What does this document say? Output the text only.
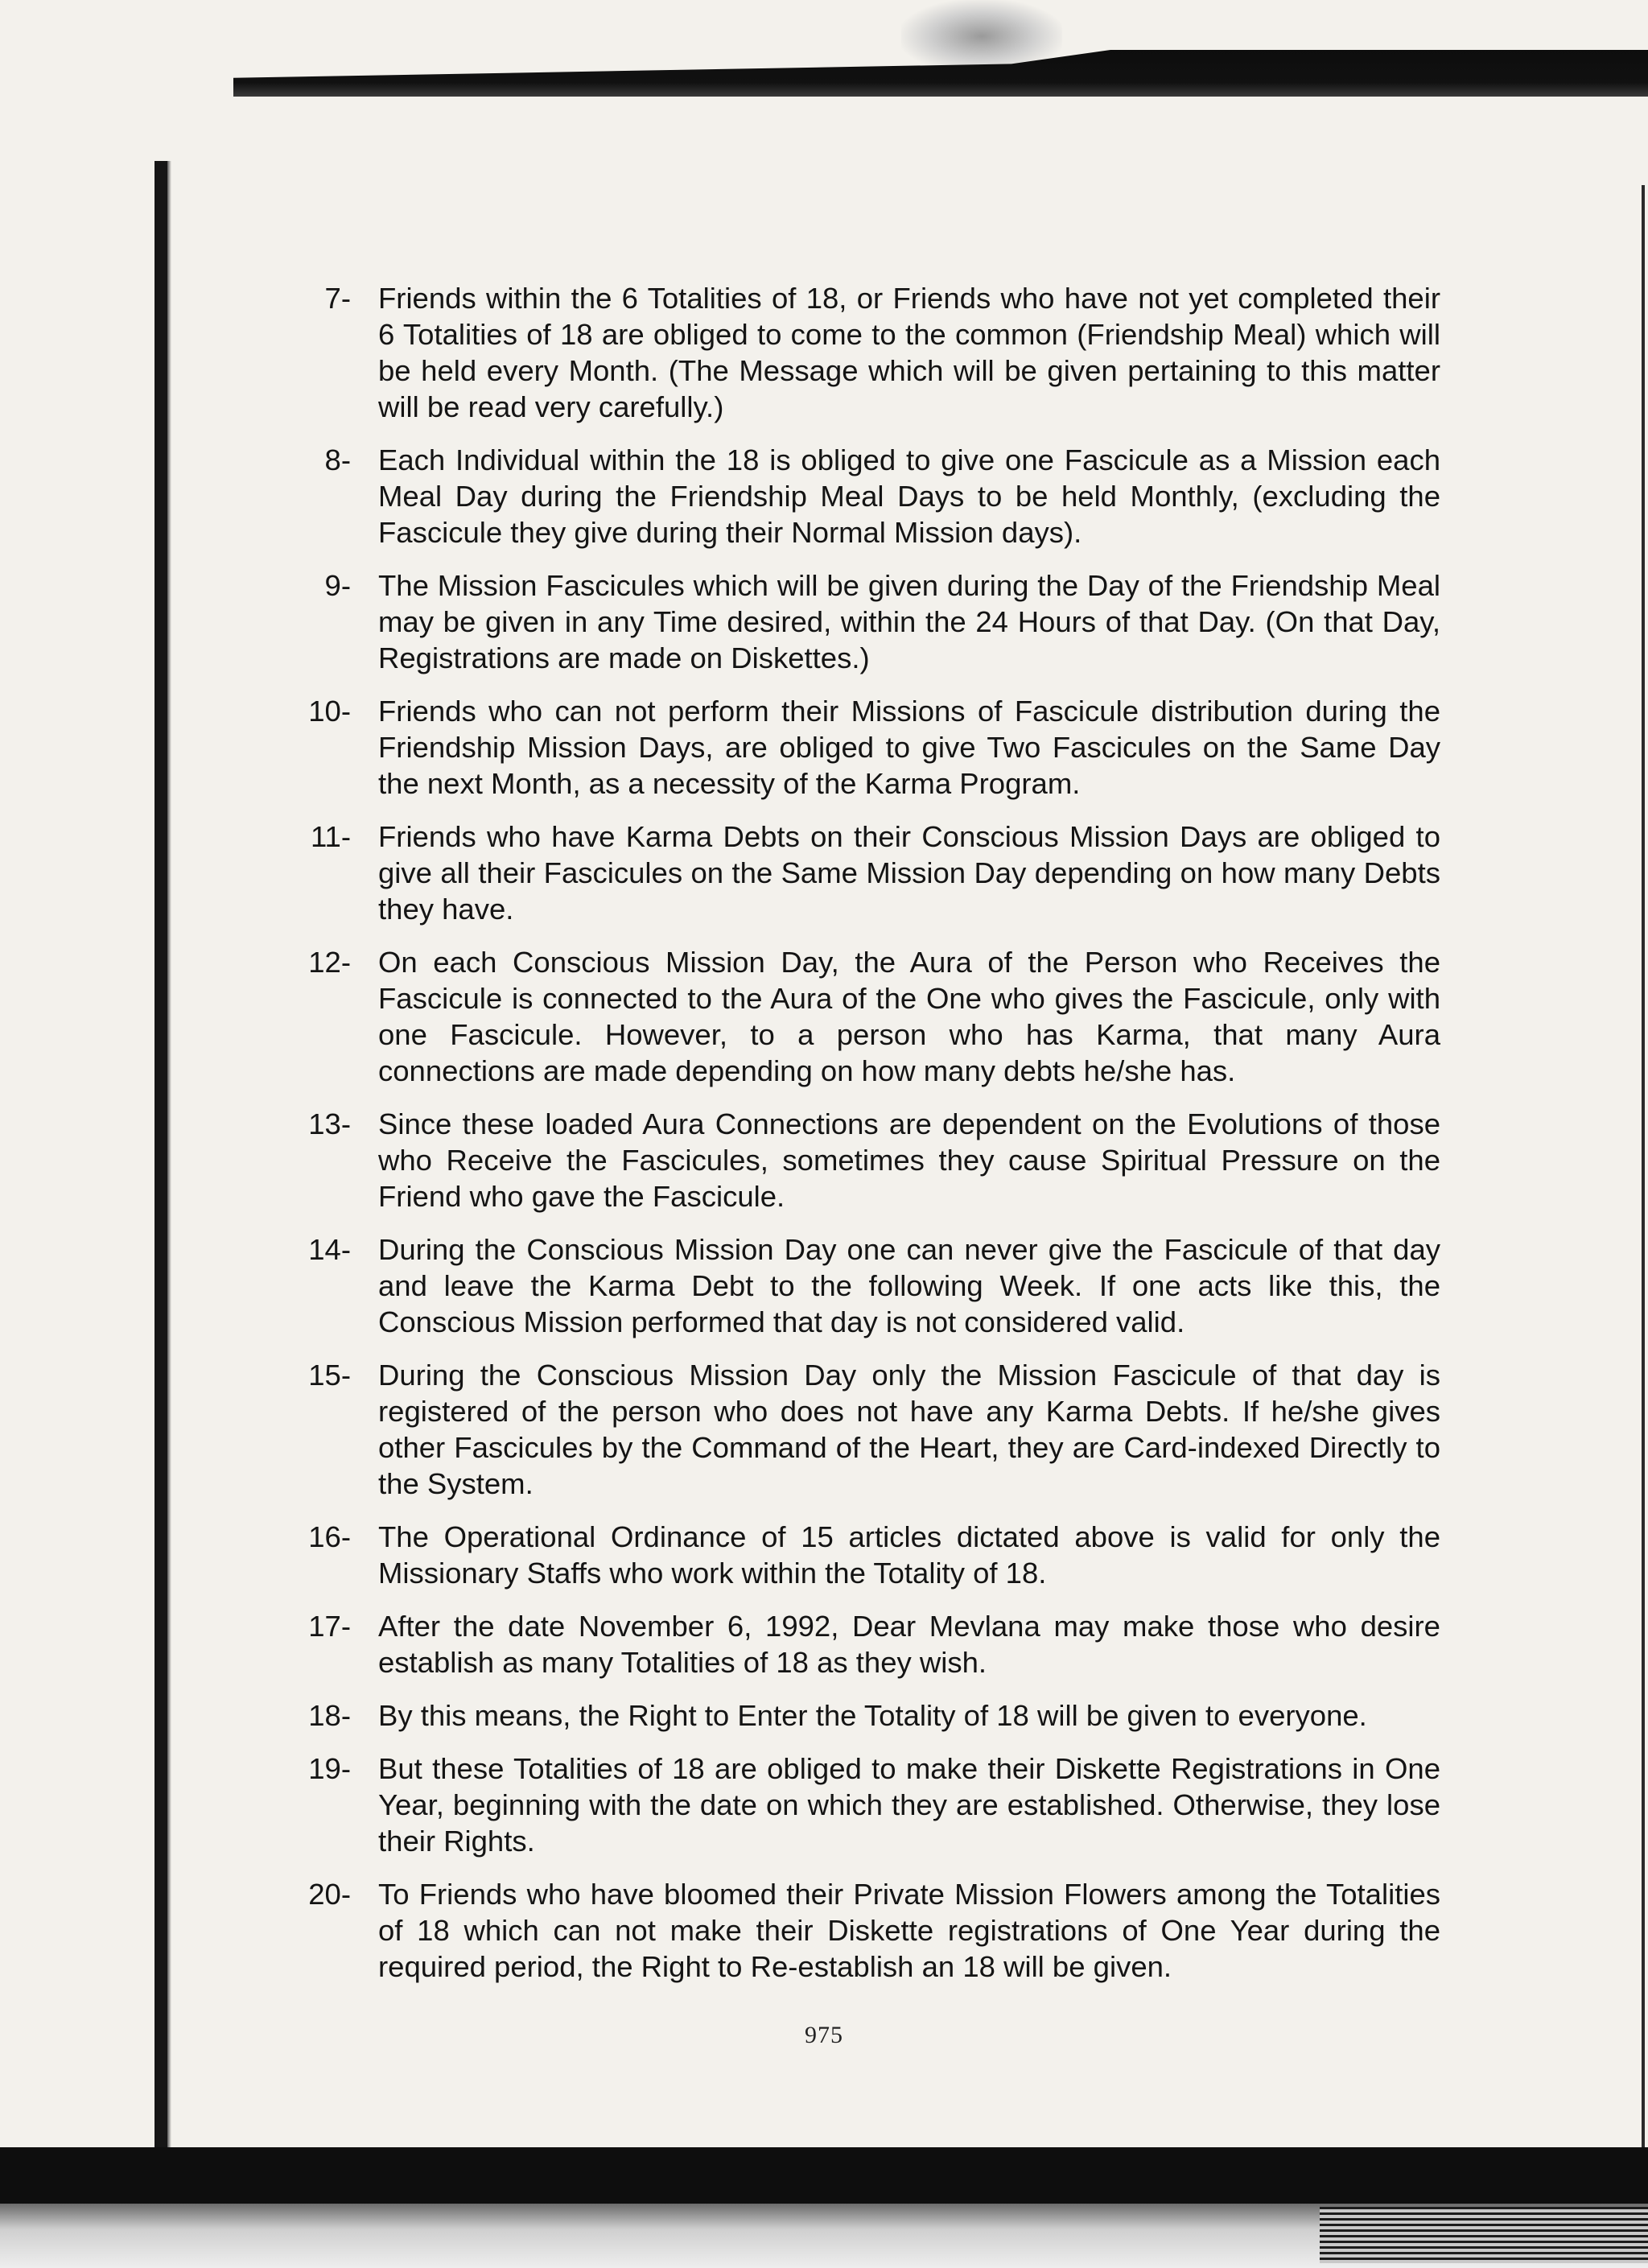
7- Friends within the 6 Totalities of 18, or Friends who have not yet completed their 6 Totalities of 18 are obliged to come to the common (Friendship Meal) which will be held every Month. (The Message which will be given pertaining to this matter will be read very carefully.)
8- Each Individual within the 18 is obliged to give one Fascicule as a Mission each Meal Day during the Friendship Meal Days to be held Monthly, (excluding the Fascicule they give during their Normal Mission days).
9- The Mission Fascicules which will be given during the Day of the Friendship Meal may be given in any Time desired, within the 24 Hours of that Day. (On that Day, Registrations are made on Diskettes.)
10- Friends who can not perform their Missions of Fascicule distribution during the Friendship Mission Days, are obliged to give Two Fascicules on the Same Day the next Month, as a necessity of the Karma Program.
11- Friends who have Karma Debts on their Conscious Mission Days are obliged to give all their Fascicules on the Same Mission Day depending on how many Debts they have.
12- On each Conscious Mission Day, the Aura of the Person who Receives the Fascicule is connected to the Aura of the One who gives the Fascicule, only with one Fascicule. However, to a person who has Karma, that many Aura connections are made depending on how many debts he/she has.
13- Since these loaded Aura Connections are dependent on the Evolutions of those who Receive the Fascicules, sometimes they cause Spiritual Pressure on the Friend who gave the Fascicule.
14- During the Conscious Mission Day one can never give the Fascicule of that day and leave the Karma Debt to the following Week. If one acts like this, the Conscious Mission performed that day is not considered valid.
15- During the Conscious Mission Day only the Mission Fascicule of that day is registered of the person who does not have any Karma Debts. If he/she gives other Fascicules by the Command of the Heart, they are Card-indexed Directly to the System.
16- The Operational Ordinance of 15 articles dictated above is valid for only the Missionary Staffs who work within the Totality of 18.
17- After the date November 6, 1992, Dear Mevlana may make those who desire establish as many Totalities of 18 as they wish.
18- By this means, the Right to Enter the Totality of 18 will be given to everyone.
19- But these Totalities of 18 are obliged to make their Diskette Registrations in One Year, beginning with the date on which they are established. Otherwise, they lose their Rights.
20- To Friends who have bloomed their Private Mission Flowers among the Totalities of 18 which can not make their Diskette registrations of One Year during the required period, the Right to Re-establish an 18 will be given.
975
